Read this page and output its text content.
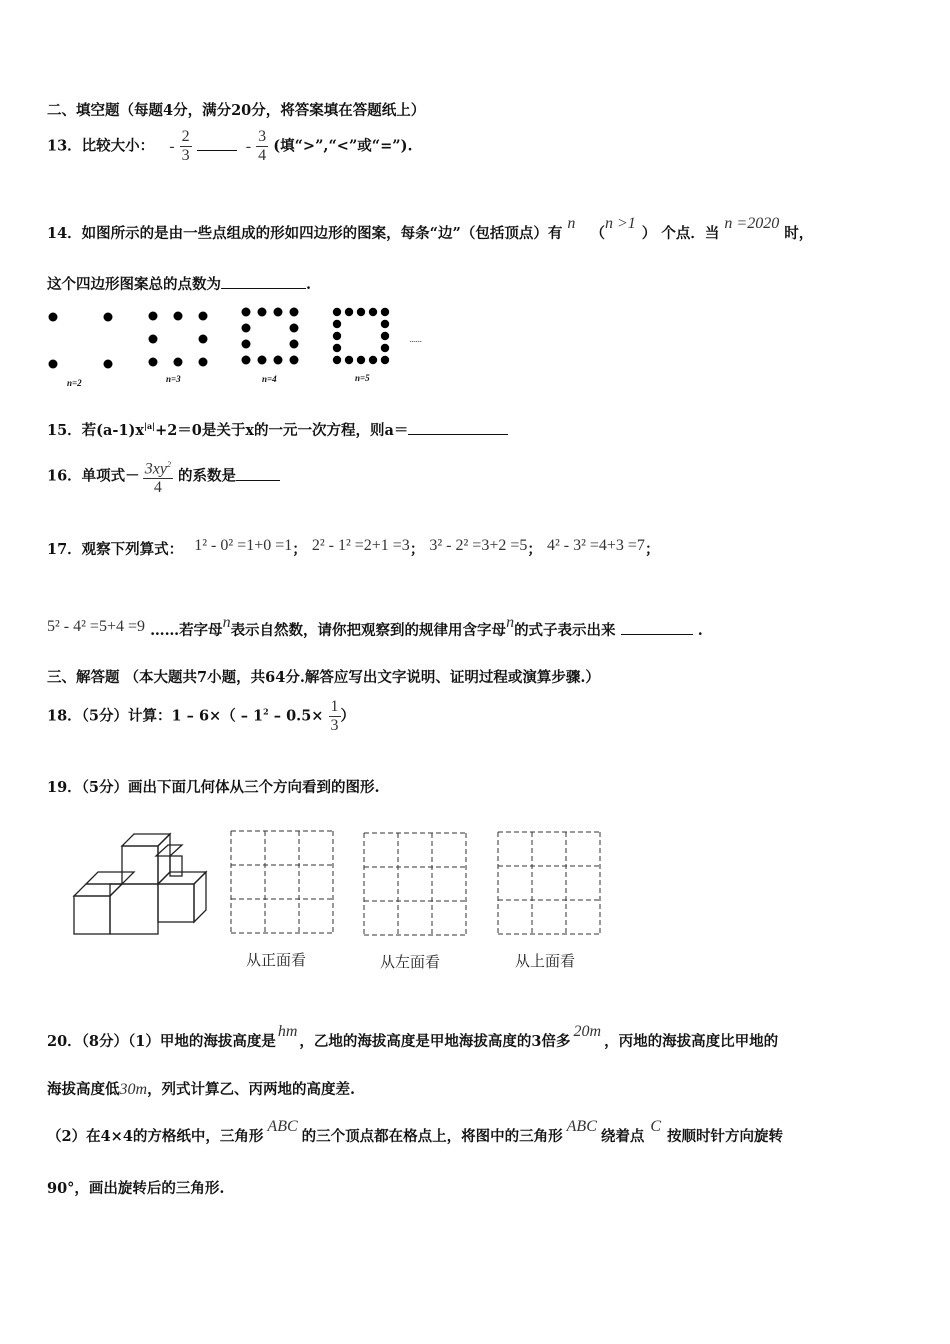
二、填空题（每题4分，满分20分，将答案填在答题纸上）
13．比较大小： - $\frac{2}{3}$	- $\frac{3}{4}$ (填“>”,“<”或“=”).
14．如图所示的是由一些点组成的形如四边形的图案，每条“边”（包括顶点）有 n （n >1） 个点．当 n =2020 时，
这个四边形图案总的点数为	.
n=2	n=3	n=4	n=5
……
15．若$(a-1)x^{|a|}+2=0$是关于x的一元一次方程，则a＝
16．单项式－ $\frac{3xy^2}{4}$ 的系数是
17．观察下列算式： 1² - 0² =1+0 =1； 2² - 1² =2+1 =3； 3² - 2² =3+2 =5； 4² - 3² =4+3 =7；
5² - 4² =5+4 =9 ……若字母n表示自然数，请你把观察到的规律用含字母n的式子表示出来	.
三、解答题 （本大题共7小题，共64分.解答应写出文字说明、证明过程或演算步骤.）
18．（5分）计算：$1 - 6\times( - 1^2 - 0.5\times \frac{1}{3}$ ）
19．（5分）画出下面几何体从三个方向看到的图形.
从正面看	从左面看	从上面看
20．（8分）（1）甲地的海拔高度是hm，乙地的海拔高度是甲地海拔高度的3倍多20m，丙地的海拔高度比甲地的
海拔高度低30m，列式计算乙、丙两地的高度差.
（2）在4×4的方格纸中，三角形ABC的三个顶点都在格点上，将图中的三角形ABC绕着点C按顺时针方向旋转
90°，画出旋转后的三角形.
